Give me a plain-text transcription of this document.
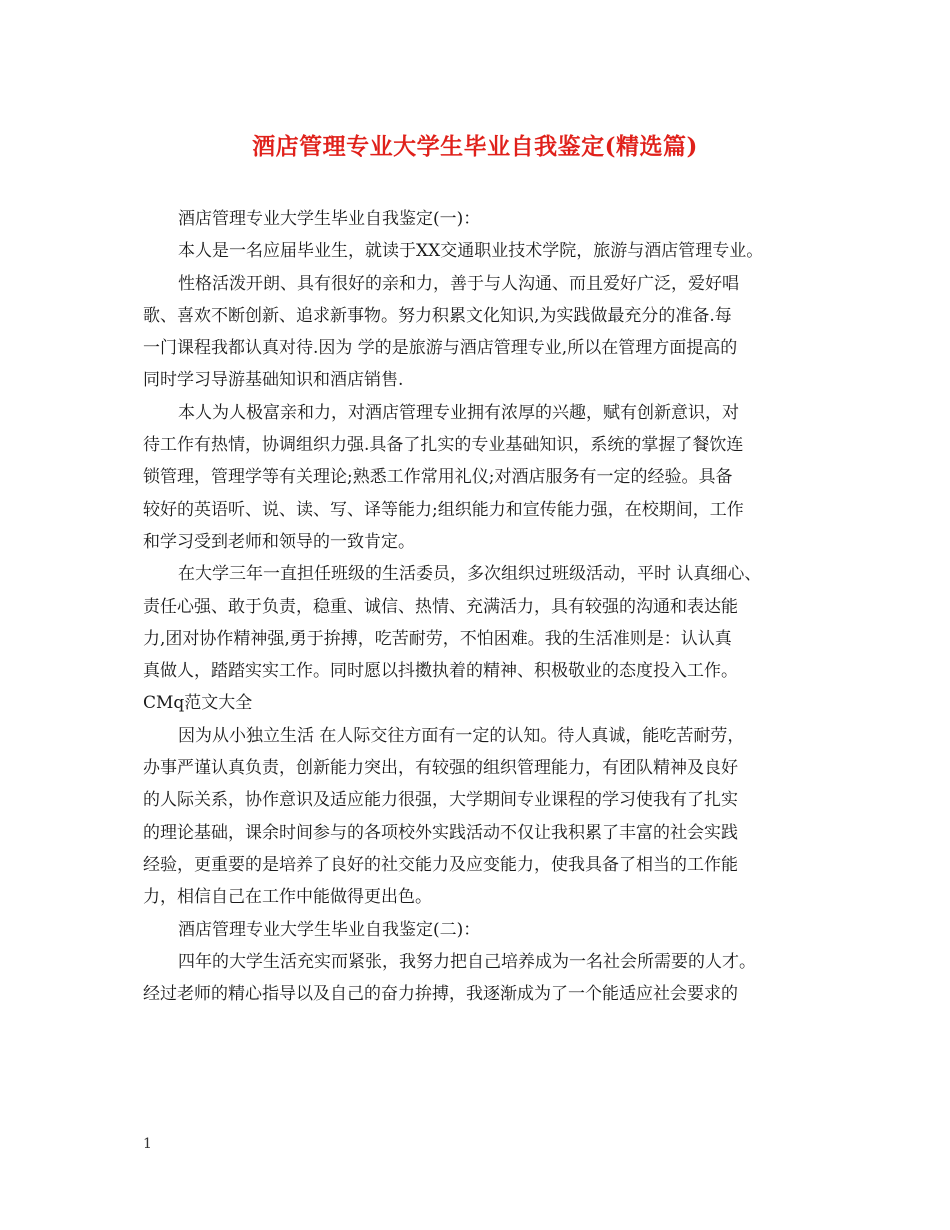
酒店管理专业大学生毕业自我鉴定(精选篇)
酒店管理专业大学生毕业自我鉴定(一)：
本人是一名应届毕业生，就读于XX交通职业技术学院，旅游与酒店管理专业。
性格活泼开朗、具有很好的亲和力，善于与人沟通、而且爱好广泛，爱好唱
歌、喜欢不断创新、追求新事物。努力积累文化知识,为实践做最充分的准备.每
一门课程我都认真对待.因为 学的是旅游与酒店管理专业,所以在管理方面提高的
同时学习导游基础知识和酒店销售.
本人为人极富亲和力，对酒店管理专业拥有浓厚的兴趣，赋有创新意识，对
待工作有热情，协调组织力强.具备了扎实的专业基础知识，系统的掌握了餐饮连
锁管理，管理学等有关理论;熟悉工作常用礼仪;对酒店服务有一定的经验。具备
较好的英语听、说、读、写、译等能力;组织能力和宣传能力强，在校期间，工作
和学习受到老师和领导的一致肯定。
在大学三年一直担任班级的生活委员，多次组织过班级活动，平时 认真细心、
责任心强、敢于负责，稳重、诚信、热情、充满活力，具有较强的沟通和表达能
力,团对协作精神强,勇于拚搏，吃苦耐劳，不怕困难。我的生活准则是：认认真
真做人，踏踏实实工作。同时愿以抖擞执着的精神、积极敬业的态度投入工作。
CMq范文大全
因为从小独立生活 在人际交往方面有一定的认知。待人真诚，能吃苦耐劳，
办事严谨认真负责，创新能力突出，有较强的组织管理能力，有团队精神及良好
的人际关系，协作意识及适应能力很强，大学期间专业课程的学习使我有了扎实
的理论基础，课余时间参与的各项校外实践活动不仅让我积累了丰富的社会实践
经验，更重要的是培养了良好的社交能力及应变能力，使我具备了相当的工作能
力，相信自己在工作中能做得更出色。
酒店管理专业大学生毕业自我鉴定(二)：
四年的大学生活充实而紧张，我努力把自己培养成为一名社会所需要的人才。
经过老师的精心指导以及自己的奋力拚搏，我逐渐成为了一个能适应社会要求的
1
